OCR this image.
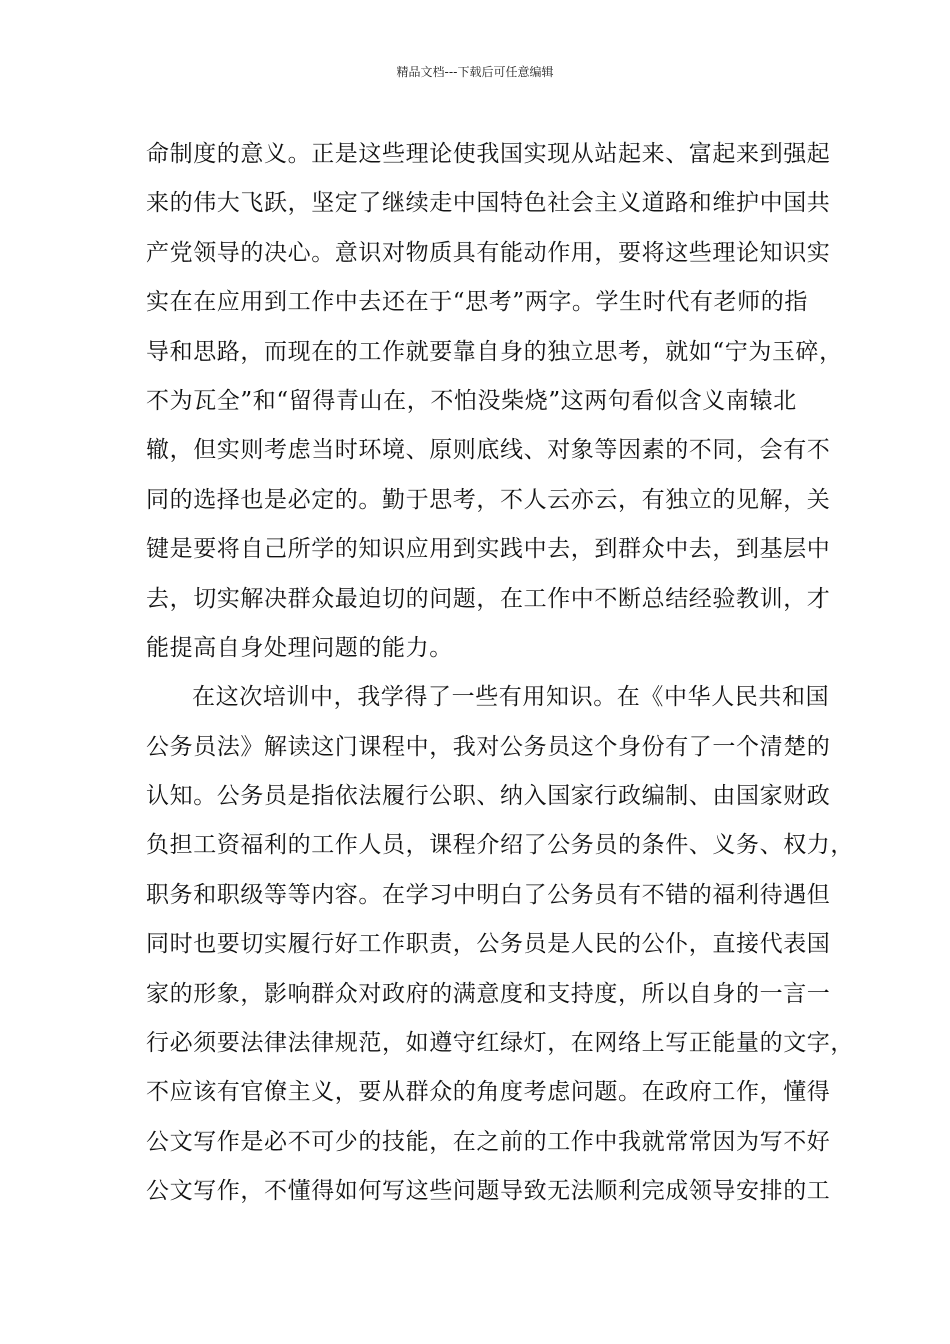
精品文档---下载后可任意编辑
命制度的意义。正是这些理论使我国实现从站起来、富起来到强起
来的伟大飞跃，坚定了继续走中国特色社会主义道路和维护中国共
产党领导的决心。意识对物质具有能动作用，要将这些理论知识实
实在在应用到工作中去还在于“思考”两字。学生时代有老师的指
导和思路，而现在的工作就要靠自身的独立思考，就如“宁为玉碎，
不为瓦全”和“留得青山在，不怕没柴烧”这两句看似含义南辕北
辙，但实则考虑当时环境、原则底线、对象等因素的不同，会有不
同的选择也是必定的。勤于思考，不人云亦云，有独立的见解，关
键是要将自己所学的知识应用到实践中去，到群众中去，到基层中
去，切实解决群众最迫切的问题，在工作中不断总结经验教训，才
能提高自身处理问题的能力。
在这次培训中，我学得了一些有用知识。在《中华人民共和国
公务员法》解读这门课程中，我对公务员这个身份有了一个清楚的
认知。公务员是指依法履行公职、纳入国家行政编制、由国家财政
负担工资福利的工作人员，课程介绍了公务员的条件、义务、权力，
职务和职级等等内容。在学习中明白了公务员有不错的福利待遇但
同时也要切实履行好工作职责，公务员是人民的公仆，直接代表国
家的形象，影响群众对政府的满意度和支持度，所以自身的一言一
行必须要法律法律规范，如遵守红绿灯，在网络上写正能量的文字，
不应该有官僚主义，要从群众的角度考虑问题。在政府工作，懂得
公文写作是必不可少的技能，在之前的工作中我就常常因为写不好
公文写作，不懂得如何写这些问题导致无法顺利完成领导安排的工
